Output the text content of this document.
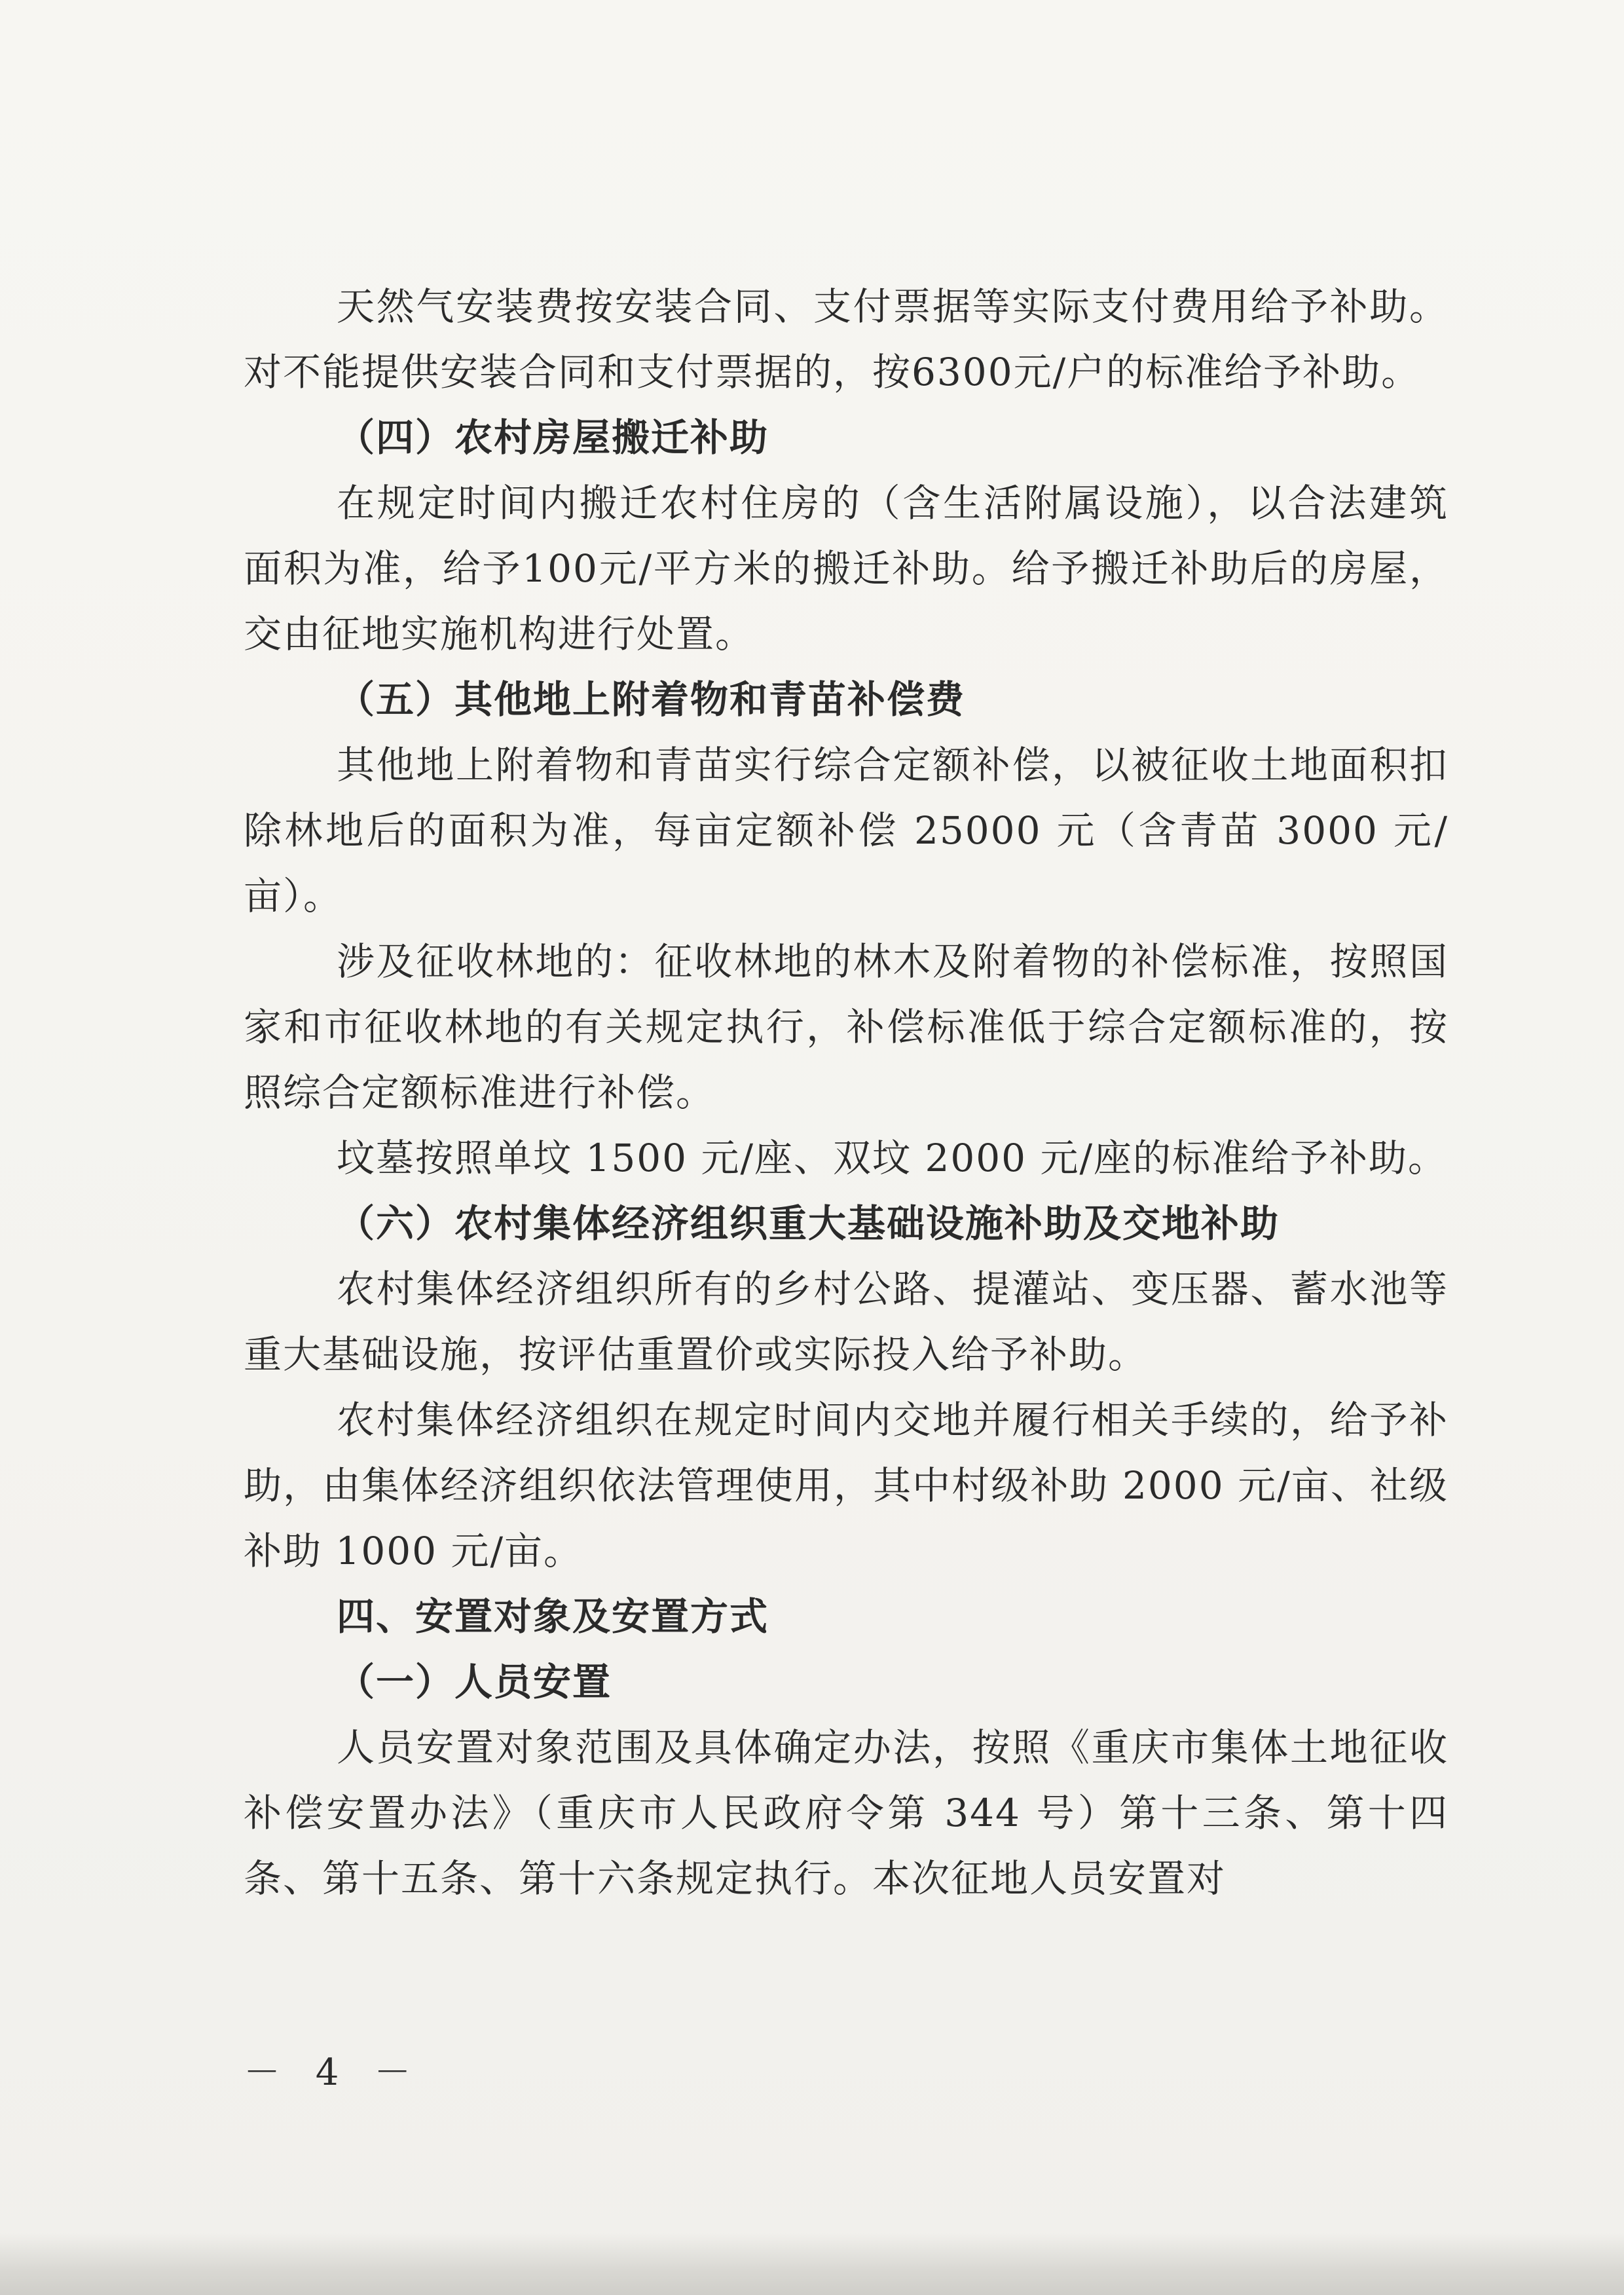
天然气安装费按安装合同、支付票据等实际支付费用给予补助。对不能提供安装合同和支付票据的，按6300元/户的标准给予补助。

（四）农村房屋搬迁补助

在规定时间内搬迁农村住房的（含生活附属设施），以合法建筑面积为准，给予100元/平方米的搬迁补助。给予搬迁补助后的房屋，交由征地实施机构进行处置。

（五）其他地上附着物和青苗补偿费

其他地上附着物和青苗实行综合定额补偿，以被征收土地面积扣除林地后的面积为准，每亩定额补偿 25000 元（含青苗 3000 元/亩）。

涉及征收林地的：征收林地的林木及附着物的补偿标准，按照国家和市征收林地的有关规定执行，补偿标准低于综合定额标准的，按照综合定额标准进行补偿。

坟墓按照单坟 1500 元/座、双坟 2000 元/座的标准给予补助。

（六）农村集体经济组织重大基础设施补助及交地补助

农村集体经济组织所有的乡村公路、提灌站、变压器、蓄水池等重大基础设施，按评估重置价或实际投入给予补助。

农村集体经济组织在规定时间内交地并履行相关手续的，给予补助，由集体经济组织依法管理使用，其中村级补助 2000 元/亩、社级补助 1000 元/亩。

四、安置对象及安置方式

（一）人员安置

人员安置对象范围及具体确定办法，按照《重庆市集体土地征收补偿安置办法》（重庆市人民政府令第 344 号）第十三条、第十四条、第十五条、第十六条规定执行。本次征地人员安置对

－ 4 －
